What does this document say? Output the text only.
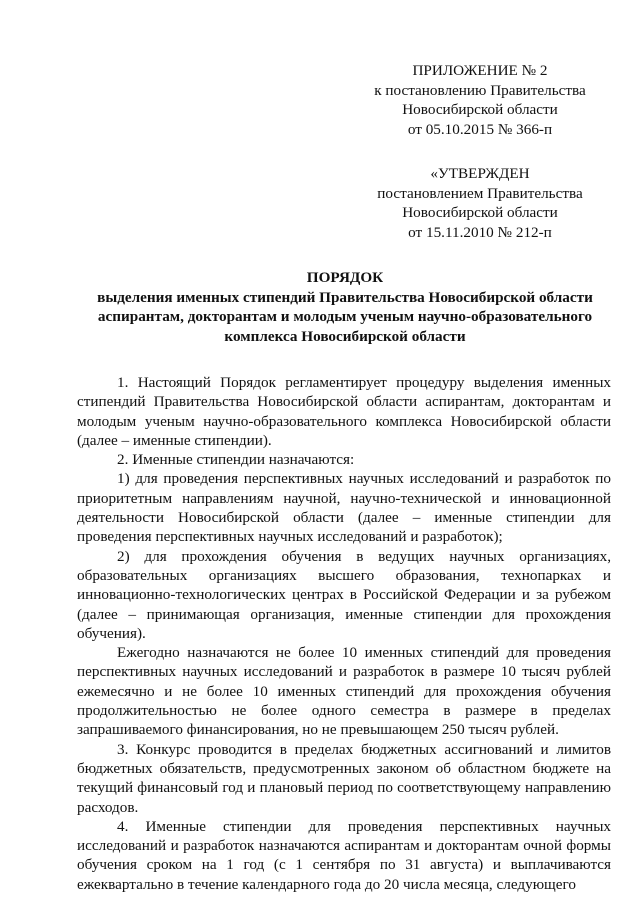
ПРИЛОЖЕНИЕ № 2
к постановлению Правительства
Новосибирской области
от 05.10.2015 № 366-п
«УТВЕРЖДЕН
постановлением Правительства
Новосибирской области
от 15.11.2010 № 212-п
ПОРЯДОК
выделения именных стипендий Правительства Новосибирской области
аспирантам, докторантам и молодым ученым научно-образовательного
комплекса Новосибирской области

1. Настоящий Порядок регламентирует процедуру выделения именных стипендий Правительства Новосибирской области аспирантам, докторантам и молодым ученым научно-образовательного комплекса Новосибирской области (далее – именные стипендии).

2. Именные стипендии назначаются:

1) для проведения перспективных научных исследований и разработок по приоритетным направлениям научной, научно-технической и инновационной деятельности Новосибирской области (далее – именные стипендии для проведения перспективных научных исследований и разработок);

2) для прохождения обучения в ведущих научных организациях, образовательных организациях высшего образования, технопарках и инновационно-технологических центрах в Российской Федерации и за рубежом (далее – принимающая организация, именные стипендии для прохождения обучения).

Ежегодно назначаются не более 10 именных стипендий для проведения перспективных научных исследований и разработок в размере 10 тысяч рублей ежемесячно и не более 10 именных стипендий для прохождения обучения продолжительностью не более одного семестра в размере в пределах запрашиваемого финансирования, но не превышающем 250 тысяч рублей.

3. Конкурс проводится в пределах бюджетных ассигнований и лимитов бюджетных обязательств, предусмотренных законом об областном бюджете на текущий финансовый год и плановый период по соответствующему направлению расходов.

4. Именные стипендии для проведения перспективных научных исследований и разработок назначаются аспирантам и докторантам очной формы обучения сроком на 1 год (с 1 сентября по 31 августа) и выплачиваются ежеквартально в течение календарного года до 20 числа месяца, следующего
